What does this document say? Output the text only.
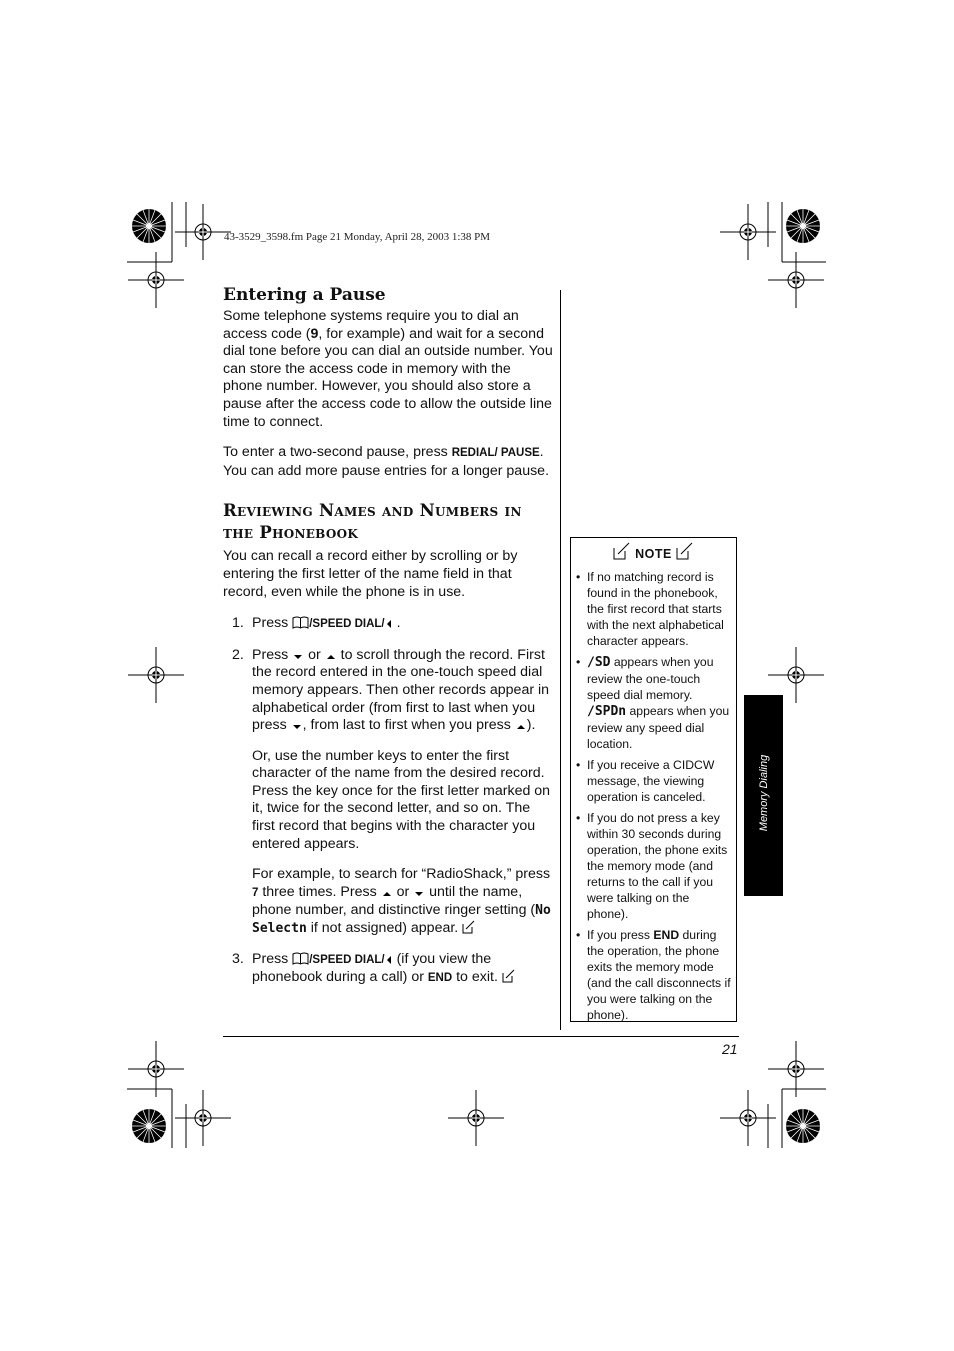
43-3529_3598.fm Page 21 Monday, April 28, 2003 1:38 PM
Entering a Pause

Some telephone systems require you to dial an access code (9, for example) and wait for a second dial tone before you can dial an outside number. You can store the access code in memory with the phone number. However, you should also store a pause after the access code to allow the outside line time to connect.

To enter a two-second pause, press REDIAL/ PAUSE. You can add more pause entries for a longer pause.

Reviewing Names and Numbers in the Phonebook

You can recall a record either by scrolling or by entering the first letter of the name field in that record, even while the phone is in use.

1. Press /SPEED DIAL/ .
2. Press  or  to scroll through the record. First the record entered in the one-touch speed dial memory appears. Then other records appear in alphabetical order (from first to last when you press , from last to first when you press ).

Or, use the number keys to enter the first character of the name from the desired record. Press the key once for the first letter marked on it, twice for the second letter, and so on. The first record that begins with the character you entered appears.

For example, to search for “RadioShack,” press 7 three times. Press  or  until the name, phone number, and distinctive ringer setting (No Selectn if not assigned) appear.

3. Press /SPEED DIAL/ (if you view the phonebook during a call) or END to exit.
NOTE
• If no matching record is found in the phonebook, the first record that starts with the next alphabetical character appears.
• ∕SD appears when you review the one-touch speed dial memory. ∕SPDn appears when you review any speed dial location.
• If you receive a CIDCW message, the viewing operation is canceled.
• If you do not press a key within 30 seconds during operation, the phone exits the memory mode (and returns to the call if you were talking on the phone).
• If you press END during the operation, the phone exits the memory mode (and the call disconnects if you were talking on the phone).
Memory Dialing
21
